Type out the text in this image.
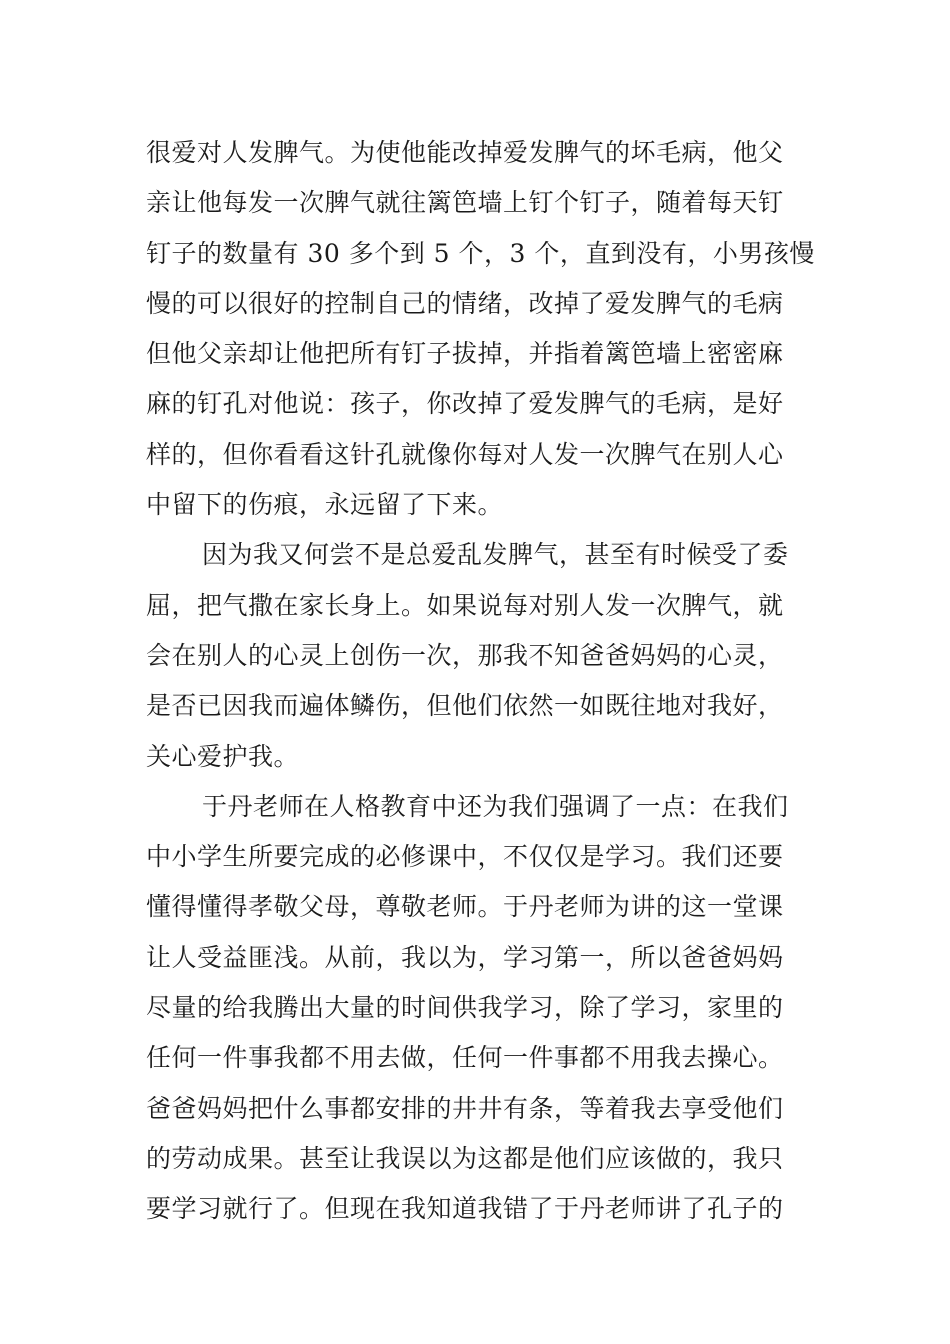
很爱对人发脾气。为使他能改掉爱发脾气的坏毛病，他父
亲让他每发一次脾气就往篱笆墙上钉个钉子，随着每天钉
钉子的数量有 30 多个到 5 个，3 个，直到没有，小男孩慢
慢的可以很好的控制自己的情绪，改掉了爱发脾气的毛病
但他父亲却让他把所有钉子拔掉，并指着篱笆墙上密密麻
麻的钉孔对他说：孩子，你改掉了爱发脾气的毛病，是好
样的，但你看看这针孔就像你每对人发一次脾气在别人心
中留下的伤痕，永远留了下来。
因为我又何尝不是总爱乱发脾气，甚至有时候受了委
屈，把气撒在家长身上。如果说每对别人发一次脾气，就
会在别人的心灵上创伤一次，那我不知爸爸妈妈的心灵，
是否已因我而遍体鳞伤，但他们依然一如既往地对我好，
关心爱护我。
于丹老师在人格教育中还为我们强调了一点：在我们
中小学生所要完成的必修课中，不仅仅是学习。我们还要
懂得懂得孝敬父母，尊敬老师。于丹老师为讲的这一堂课
让人受益匪浅。从前，我以为，学习第一，所以爸爸妈妈
尽量的给我腾出大量的时间供我学习，除了学习，家里的
任何一件事我都不用去做，任何一件事都不用我去操心。
爸爸妈妈把什么事都安排的井井有条，等着我去享受他们
的劳动成果。甚至让我误以为这都是他们应该做的，我只
要学习就行了。但现在我知道我错了于丹老师讲了孔子的
